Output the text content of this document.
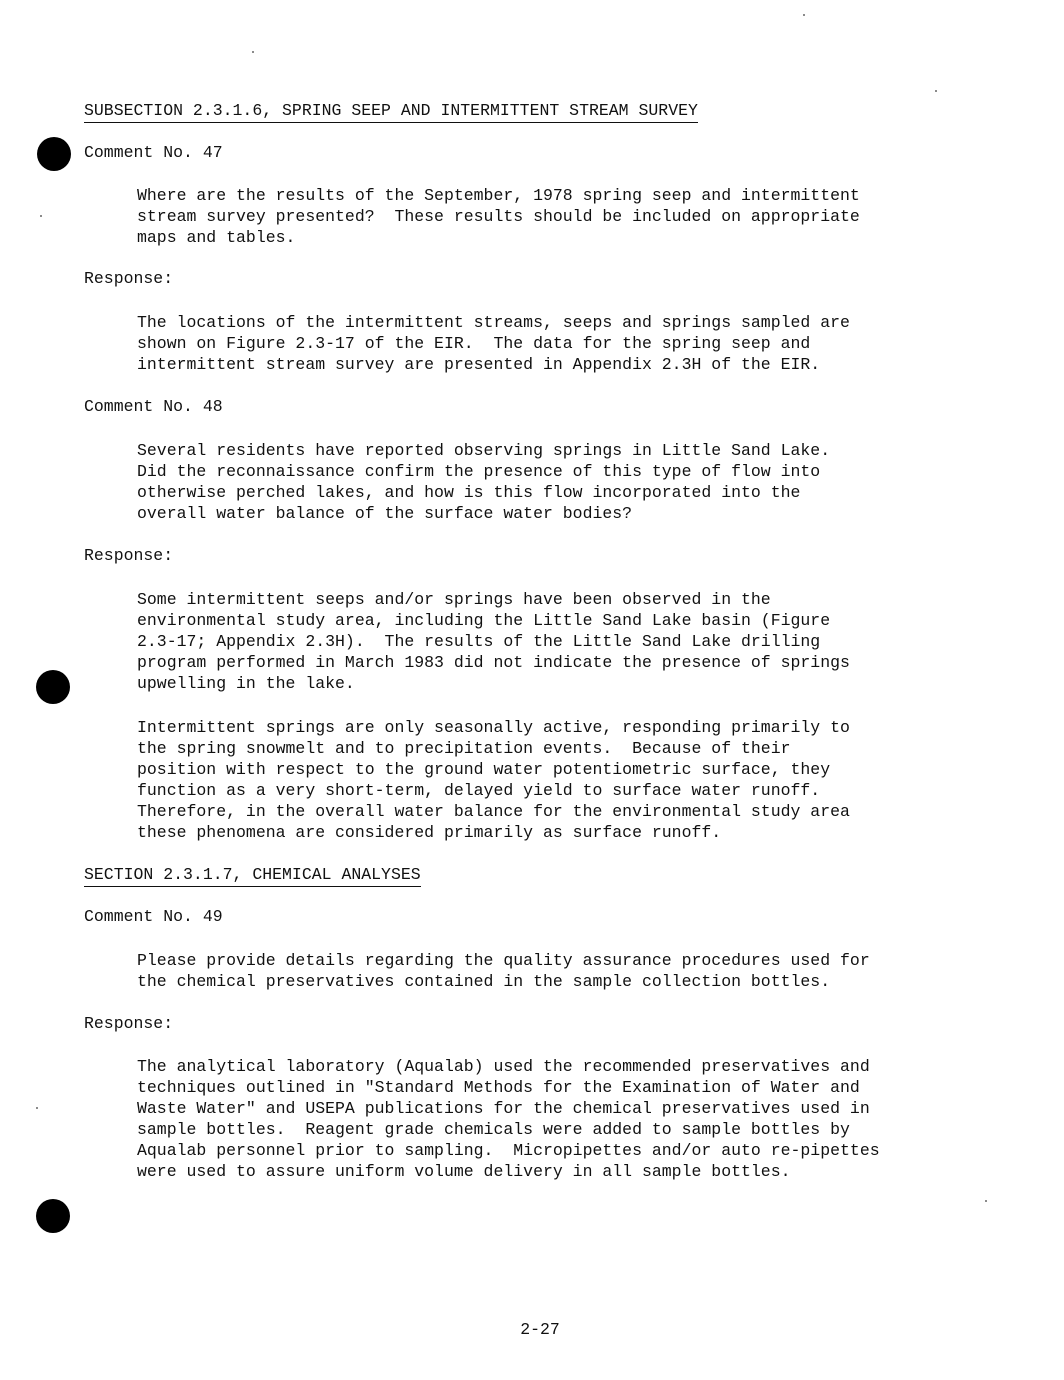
SUBSECTION 2.3.1.6, SPRING SEEP AND INTERMITTENT STREAM SURVEY
Comment No. 47
Where are the results of the September, 1978 spring seep and intermittent
stream survey presented?  These results should be included on appropriate
maps and tables.
Response:
The locations of the intermittent streams, seeps and springs sampled are
shown on Figure 2.3-17 of the EIR.  The data for the spring seep and
intermittent stream survey are presented in Appendix 2.3H of the EIR.
Comment No. 48
Several residents have reported observing springs in Little Sand Lake.
Did the reconnaissance confirm the presence of this type of flow into
otherwise perched lakes, and how is this flow incorporated into the
overall water balance of the surface water bodies?
Response:
Some intermittent seeps and/or springs have been observed in the
environmental study area, including the Little Sand Lake basin (Figure
2.3-17; Appendix 2.3H).  The results of the Little Sand Lake drilling
program performed in March 1983 did not indicate the presence of springs
upwelling in the lake.
Intermittent springs are only seasonally active, responding primarily to
the spring snowmelt and to precipitation events.  Because of their
position with respect to the ground water potentiometric surface, they
function as a very short-term, delayed yield to surface water runoff.
Therefore, in the overall water balance for the environmental study area
these phenomena are considered primarily as surface runoff.
SECTION 2.3.1.7, CHEMICAL ANALYSES
Comment No. 49
Please provide details regarding the quality assurance procedures used for
the chemical preservatives contained in the sample collection bottles.
Response:
The analytical laboratory (Aqualab) used the recommended preservatives and
techniques outlined in "Standard Methods for the Examination of Water and
Waste Water" and USEPA publications for the chemical preservatives used in
sample bottles.  Reagent grade chemicals were added to sample bottles by
Aqualab personnel prior to sampling.  Micropipettes and/or auto re-pipettes
were used to assure uniform volume delivery in all sample bottles.
2-27
